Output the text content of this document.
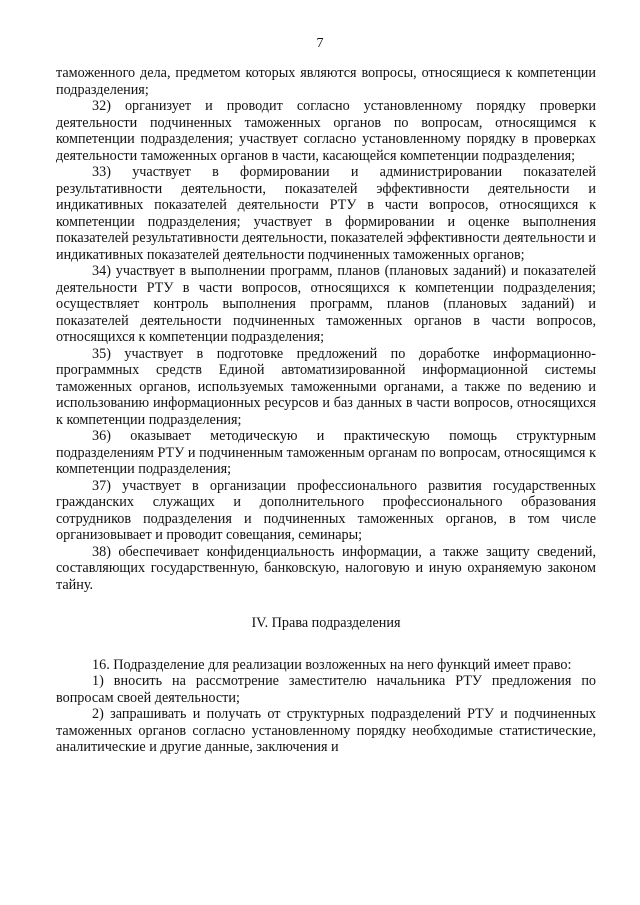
7

таможенного дела, предметом которых являются вопросы, относящиеся к компетенции подразделения;

32) организует и проводит согласно установленному порядку проверки деятельности подчиненных таможенных органов по вопросам, относящимся к компетенции подразделения; участвует согласно установленному порядку в проверках деятельности таможенных органов в части, касающейся компетенции подразделения;

33) участвует в формировании и администрировании показателей результативности деятельности, показателей эффективности деятельности и индикативных показателей деятельности РТУ в части вопросов, относящихся к компетенции подразделения; участвует в формировании и оценке выполнения показателей результативности деятельности, показателей эффективности деятельности и индикативных показателей деятельности подчиненных таможенных органов;

34) участвует в выполнении программ, планов (плановых заданий) и показателей деятельности РТУ в части вопросов, относящихся к компетенции подразделения; осуществляет контроль выполнения программ, планов (плановых заданий) и показателей деятельности подчиненных таможенных органов в части вопросов, относящихся к компетенции подразделения;

35) участвует в подготовке предложений по доработке информационно-программных средств Единой автоматизированной информационной системы таможенных органов, используемых таможенными органами, а также по ведению и использованию информационных ресурсов и баз данных в части вопросов, относящихся к компетенции подразделения;

36) оказывает методическую и практическую помощь структурным подразделениям РТУ и подчиненным таможенным органам по вопросам, относящимся к компетенции подразделения;

37) участвует в организации профессионального развития государственных гражданских служащих и дополнительного профессионального образования сотрудников подразделения и подчиненных таможенных органов, в том числе организовывает и проводит совещания, семинары;

38) обеспечивает конфиденциальность информации, а также защиту сведений, составляющих государственную, банковскую, налоговую и иную охраняемую законом тайну.

IV. Права подразделения

16. Подразделение для реализации возложенных на него функций имеет право:

1) вносить на рассмотрение заместителю начальника РТУ предложения по вопросам своей деятельности;

2) запрашивать и получать от структурных подразделений РТУ и подчиненных таможенных органов согласно установленному порядку необходимые статистические, аналитические и другие данные, заключения и
